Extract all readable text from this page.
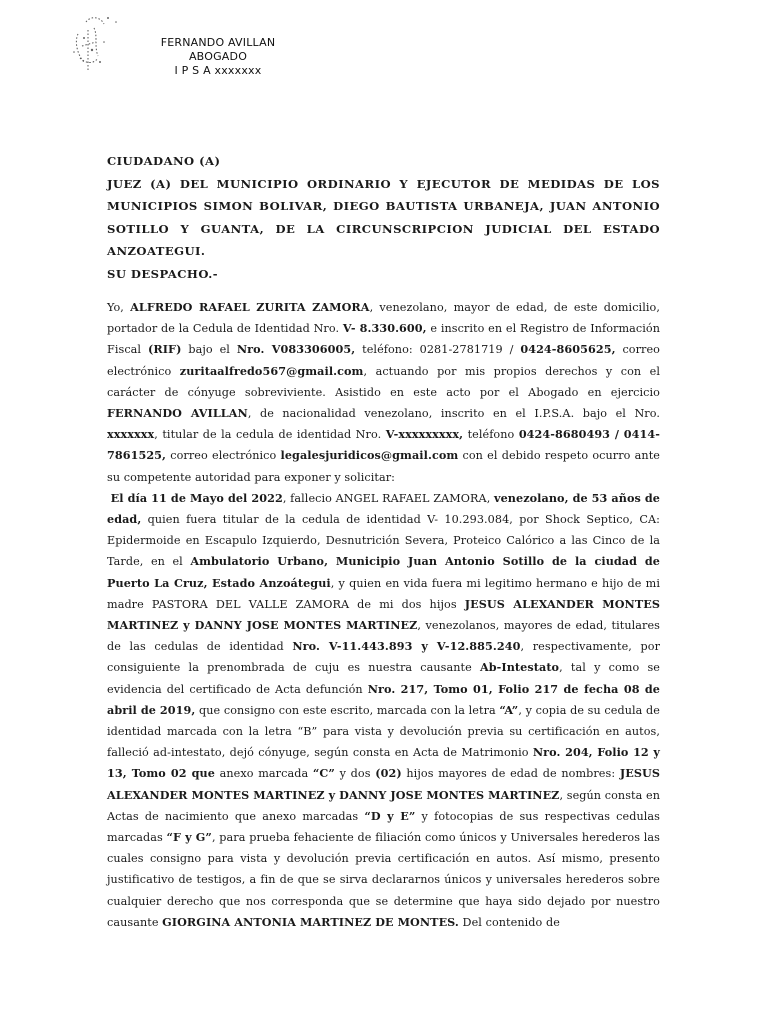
FERNANDO AVILLAN
ABOGADO
I P S A xxxxxxx

CIUDADANO (A)

JUEZ (A) DEL MUNICIPIO ORDINARIO Y EJECUTOR DE MEDIDAS DE LOS MUNICIPIOS SIMON BOLIVAR, DIEGO BAUTISTA URBANEJA, JUAN ANTONIO SOTILLO Y GUANTA, DE LA CIRCUNSCRIPCION JUDICIAL DEL ESTADO ANZOATEGUI.

SU DESPACHO.-

Yo, ALFREDO RAFAEL ZURITA ZAMORA, venezolano, mayor de edad, de este domicilio, portador de la Cedula de Identidad Nro. V- 8.330.600, e inscrito en el Registro de Información Fiscal (RIF) bajo el Nro. V083306005, teléfono: 0281-2781719 / 0424-8605625, correo electrónico zuritaalfredo567@gmail.com, actuando por mis propios derechos y con el carácter de cónyuge sobreviviente. Asistido en este acto por el Abogado en ejercicio FERNANDO AVILLAN, de nacionalidad venezolano, inscrito en el I.P.S.A. bajo el Nro. xxxxxxx, titular de la cedula de identidad Nro. V-xxxxxxxxx, teléfono 0424-8680493 / 0414- 7861525, correo electrónico legalesjuridicos@gmail.com con el debido respeto ocurro ante su competente autoridad para exponer y solicitar:

El día 11 de Mayo del 2022, fallecio ANGEL RAFAEL ZAMORA, venezolano, de 53 años de edad, quien fuera titular de la cedula de identidad V- 10.293.084, por Shock Septico, CA: Epidermoide en Escapulo Izquierdo, Desnutrición Severa, Proteico Calórico a las Cinco de la Tarde, en el Ambulatorio Urbano, Municipio Juan Antonio Sotillo de la ciudad de Puerto La Cruz, Estado Anzoátegui, y quien en vida fuera mi legitimo hermano e hijo de mi madre PASTORA DEL VALLE ZAMORA de mi dos hijos JESUS ALEXANDER MONTES MARTINEZ y DANNY JOSE MONTES MARTINEZ, venezolanos, mayores de edad, titulares de las cedulas de identidad Nro. V-11.443.893 y V-12.885.240, respectivamente, por consiguiente la prenombrada de cuju es nuestra causante Ab-Intestato, tal y como se evidencia del certificado de Acta defunción Nro. 217, Tomo 01, Folio 217 de fecha 08 de abril de 2019, que consigno con este escrito, marcada con la letra “A”, y copia de su cedula de identidad marcada con la letra “B” para vista y devolución previa su certificación en autos, falleció ad-intestato, dejó cónyuge, según consta en Acta de Matrimonio Nro. 204, Folio 12 y 13, Tomo 02 que anexo marcada “C” y dos (02) hijos mayores de edad de nombres: JESUS ALEXANDER MONTES MARTINEZ y DANNY JOSE MONTES MARTINEZ, según consta en Actas de nacimiento que anexo marcadas “D y E” y fotocopias de sus respectivas cedulas marcadas “F y G”, para prueba fehaciente de filiación como únicos y Universales herederos las cuales consigno para vista y devolución previa certificación en autos. Así mismo, presento justificativo de testigos, a fin de que se sirva declararnos únicos y universales herederos sobre cualquier derecho que nos corresponda que se determine que haya sido dejado por nuestro causante GIORGINA ANTONIA MARTINEZ DE MONTES. Del contenido de
